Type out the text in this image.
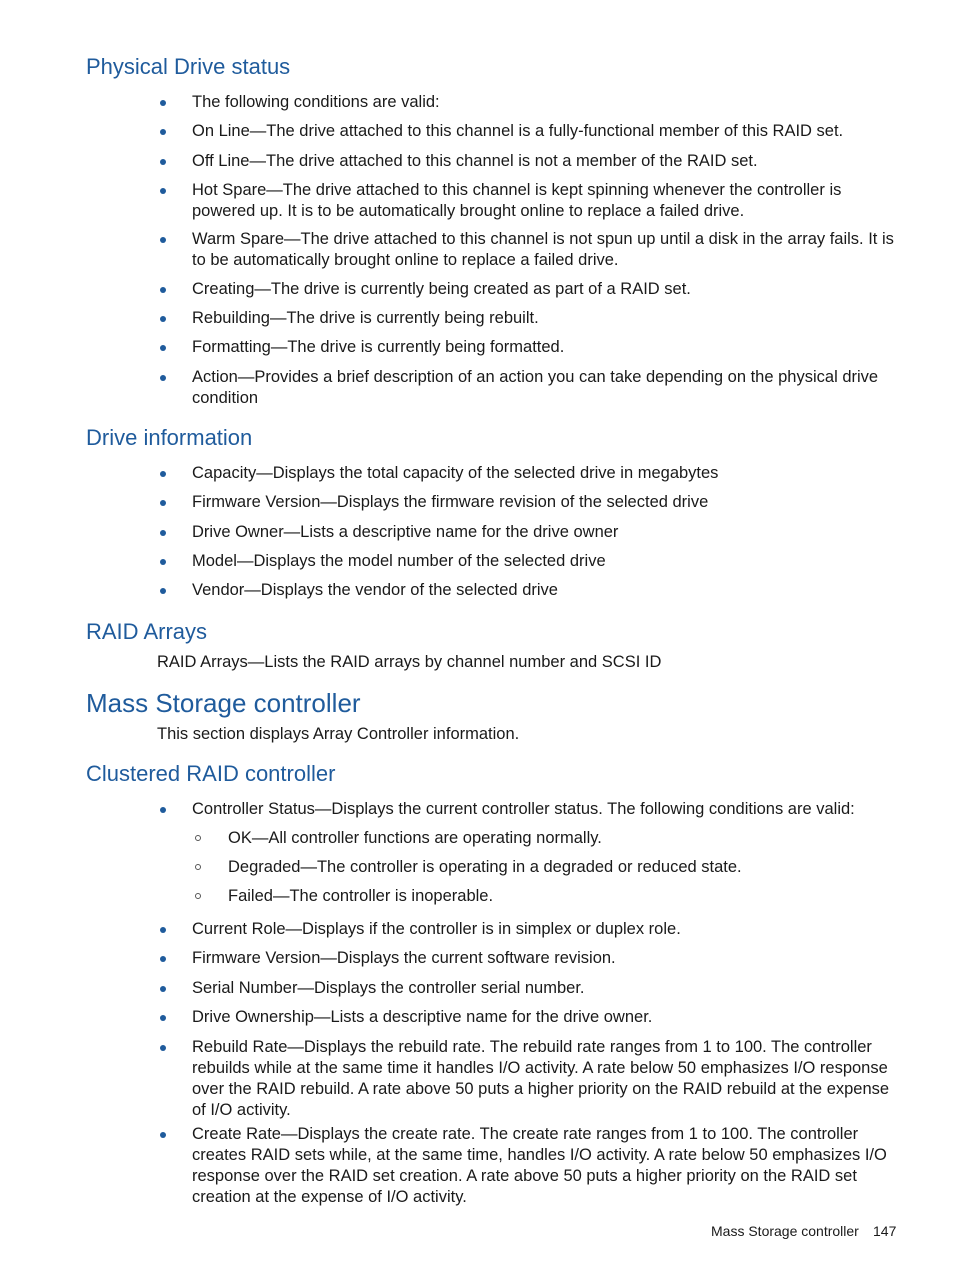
Physical Drive status
The following conditions are valid:
On Line—The drive attached to this channel is a fully-functional member of this RAID set.
Off Line—The drive attached to this channel is not a member of the RAID set.
Hot Spare—The drive attached to this channel is kept spinning whenever the controller is powered up. It is to be automatically brought online to replace a failed drive.
Warm Spare—The drive attached to this channel is not spun up until a disk in the array fails. It is to be automatically brought online to replace a failed drive.
Creating—The drive is currently being created as part of a RAID set.
Rebuilding—The drive is currently being rebuilt.
Formatting—The drive is currently being formatted.
Action—Provides a brief description of an action you can take depending on the physical drive condition
Drive information
Capacity—Displays the total capacity of the selected drive in megabytes
Firmware Version—Displays the firmware revision of the selected drive
Drive Owner—Lists a descriptive name for the drive owner
Model—Displays the model number of the selected drive
Vendor—Displays the vendor of the selected drive
RAID Arrays
RAID Arrays—Lists the RAID arrays by channel number and SCSI ID
Mass Storage controller
This section displays Array Controller information.
Clustered RAID controller
Controller Status—Displays the current controller status. The following conditions are valid:
OK—All controller functions are operating normally.
Degraded—The controller is operating in a degraded or reduced state.
Failed—The controller is inoperable.
Current Role—Displays if the controller is in simplex or duplex role.
Firmware Version—Displays the current software revision.
Serial Number—Displays the controller serial number.
Drive Ownership—Lists a descriptive name for the drive owner.
Rebuild Rate—Displays the rebuild rate. The rebuild rate ranges from 1 to 100. The controller rebuilds while at the same time it handles I/O activity. A rate below 50 emphasizes I/O response over the RAID rebuild. A rate above 50 puts a higher priority on the RAID rebuild at the expense of I/O activity.
Create Rate—Displays the create rate. The create rate ranges from 1 to 100. The controller creates RAID sets while, at the same time, handles I/O activity. A rate below 50 emphasizes I/O response over the RAID set creation. A rate above 50 puts a higher priority on the RAID set creation at the expense of I/O activity.
Mass Storage controller 147
